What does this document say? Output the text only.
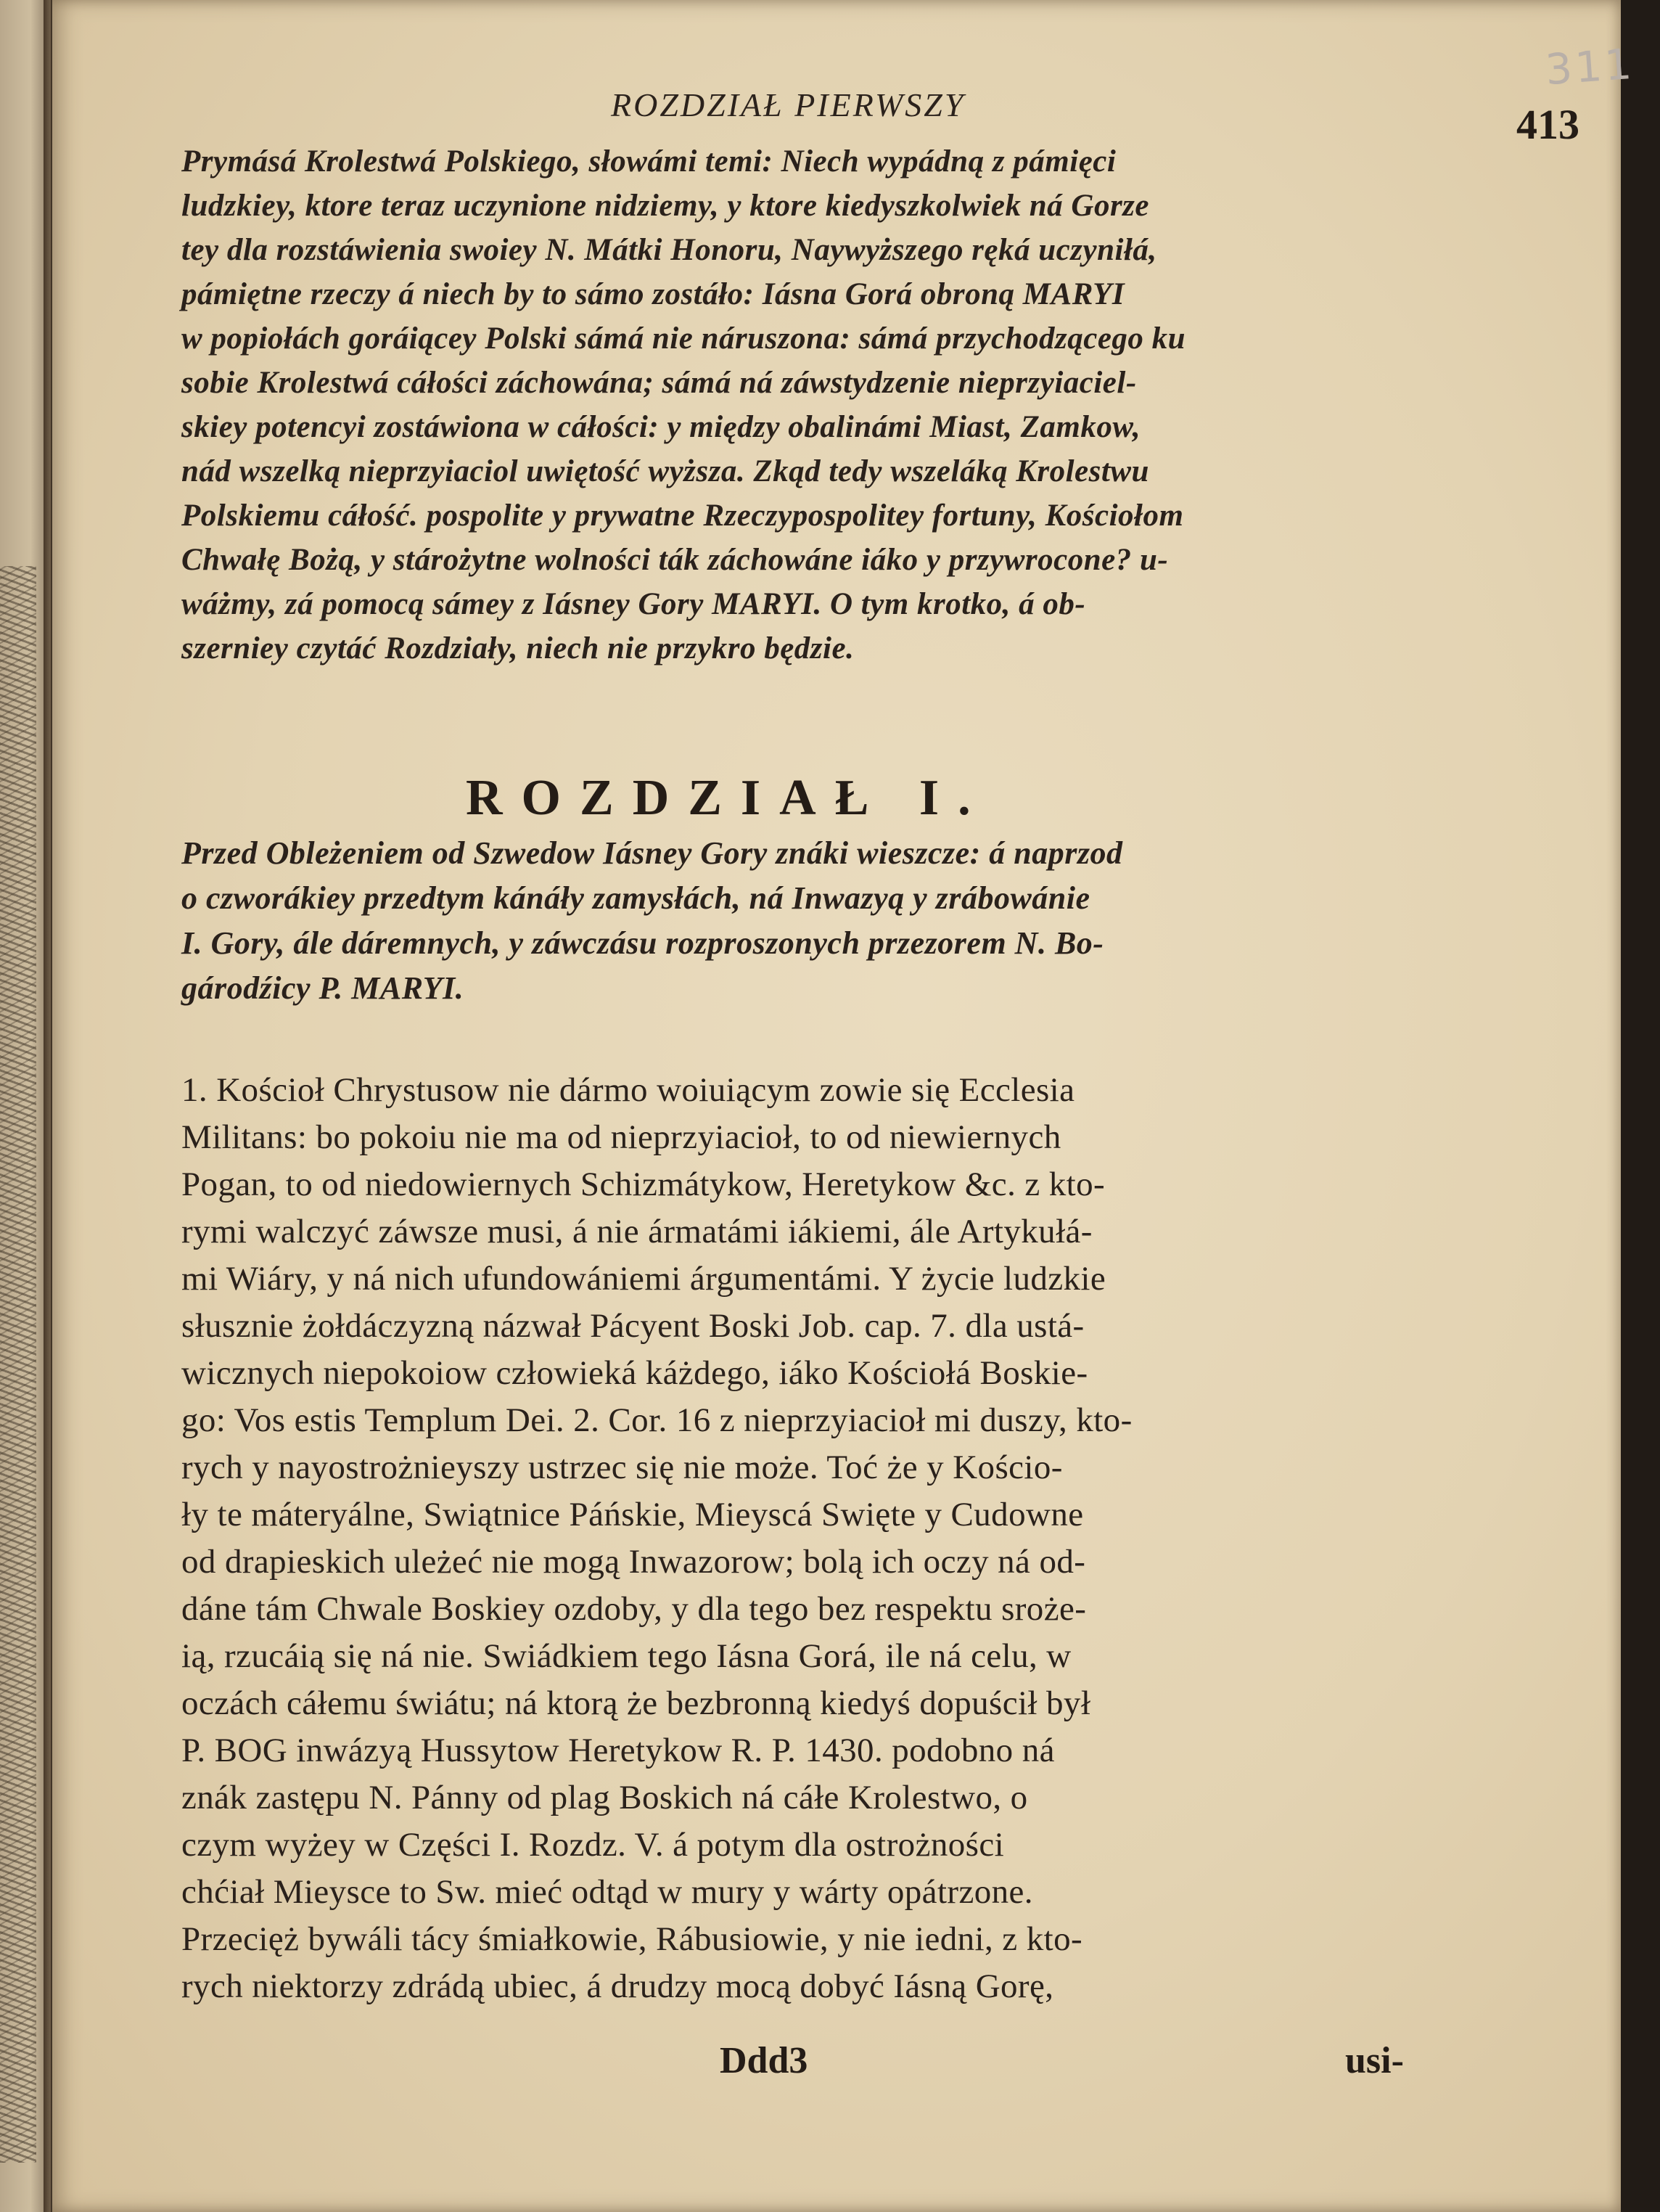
311
ROZDZIAŁ PIERWSZY	413
Prymásá Krolestwá Polskiego, słowámi temi: Niech wypádną z pámięci
ludzkiey, ktore teraz uczynione nidziemy, y ktore kiedyszkolwiek ná Gorze
tey dla rozstáwienia swoiey N. Mátki Honoru, Naywyższego ręká uczyniłá,
pámiętne rzeczy á niech by to sámo zostáło: Iásna Gorá obroną MARYI
w popiołách goráiącey Polski sámá nie náruszona: sámá przychodzącego ku
sobie Krolestwá cáłości záchowána; sámá ná záwstydzenie nieprzyiaciel-
skiey potencyi zostáwiona w cáłości: y między obalinámi Miast, Zamkow,
nád wszelką nieprzyiaciol uwiętość wyższa. Zkąd tedy wszeláką Krolestwu
Polskiemu cáłość. pospolite y prywatne Rzeczypospolitey fortuny, Kościołom
Chwałę Bożą, y stárożytne wolności ták záchowáne iáko y przywrocone? u-
wáżmy, zá pomocą sámey z Iásney Gory MARYI. O tym krotko, á ob-
szerniey czytáć Rozdziały, niech nie przykro będzie.
ROZDZIAŁ I.
Przed Obleżeniem od Szwedow Iásney Gory znáki wieszcze: á naprzod
o czworákiey przedtym kánáły zamysłách, ná Inwazyą y zrábowánie
I. Gory, ále dáremnych, y záwczásu rozproszonych przezorem N. Bo-
gárodźicy P. MARYI.
1. Kościoł Chrystusow nie dármo woiuiącym zowie się Ecclesia
Militans: bo pokoiu nie ma od nieprzyiacioł, to od niewiernych
Pogan, to od niedowiernych Schizmátykow, Heretykow &c. z kto-
rymi walczyć záwsze musi, á nie ármatámi iákiemi, ále Artykułá-
mi Wiáry, y ná nich ufundowániemi árgumentámi. Y życie ludzkie
słusznie żołdáczyzną názwał Pácyent Boski Job. cap. 7. dla ustá-
wicznych niepokoiow człowieká káżdego, iáko Kościołá Boskie-
go: Vos estis Templum Dei. 2. Cor. 16 z nieprzyiacioł mi duszy, kto-
rych y nayostrożnieyszy ustrzec się nie może. Toć że y Kościo-
ły te máteryálne, Swiątnice Páńskie, Mieyscá Swięte y Cudowne
od drapieskich uleżeć nie mogą Inwazorow; bolą ich oczy ná od-
dáne tám Chwale Boskiey ozdoby, y dla tego bez respektu sroże-
ią, rzucáią się ná nie. Swiádkiem tego Iásna Gorá, ile ná celu, w
oczách cáłemu świátu; ná ktorą że bezbronną kiedyś dopuścił był
P. BOG inwázyą Hussytow Heretykow R. P. 1430. podobno ná
znák zastępu N. Pánny od plag Boskich ná cáłe Krolestwo, o
czym wyżey w Części I. Rozdz. V. á potym dla ostrożności
chćiał Mieysce to Sw. mieć odtąd w mury y wárty opátrzone.
Przecięż bywáli tácy śmiałkowie, Rábusiowie, y nie iedni, z kto-
rych niektorzy zdrádą ubiec, á drudzy mocą dobyć Iásną Gorę,
Ddd3	usi-
